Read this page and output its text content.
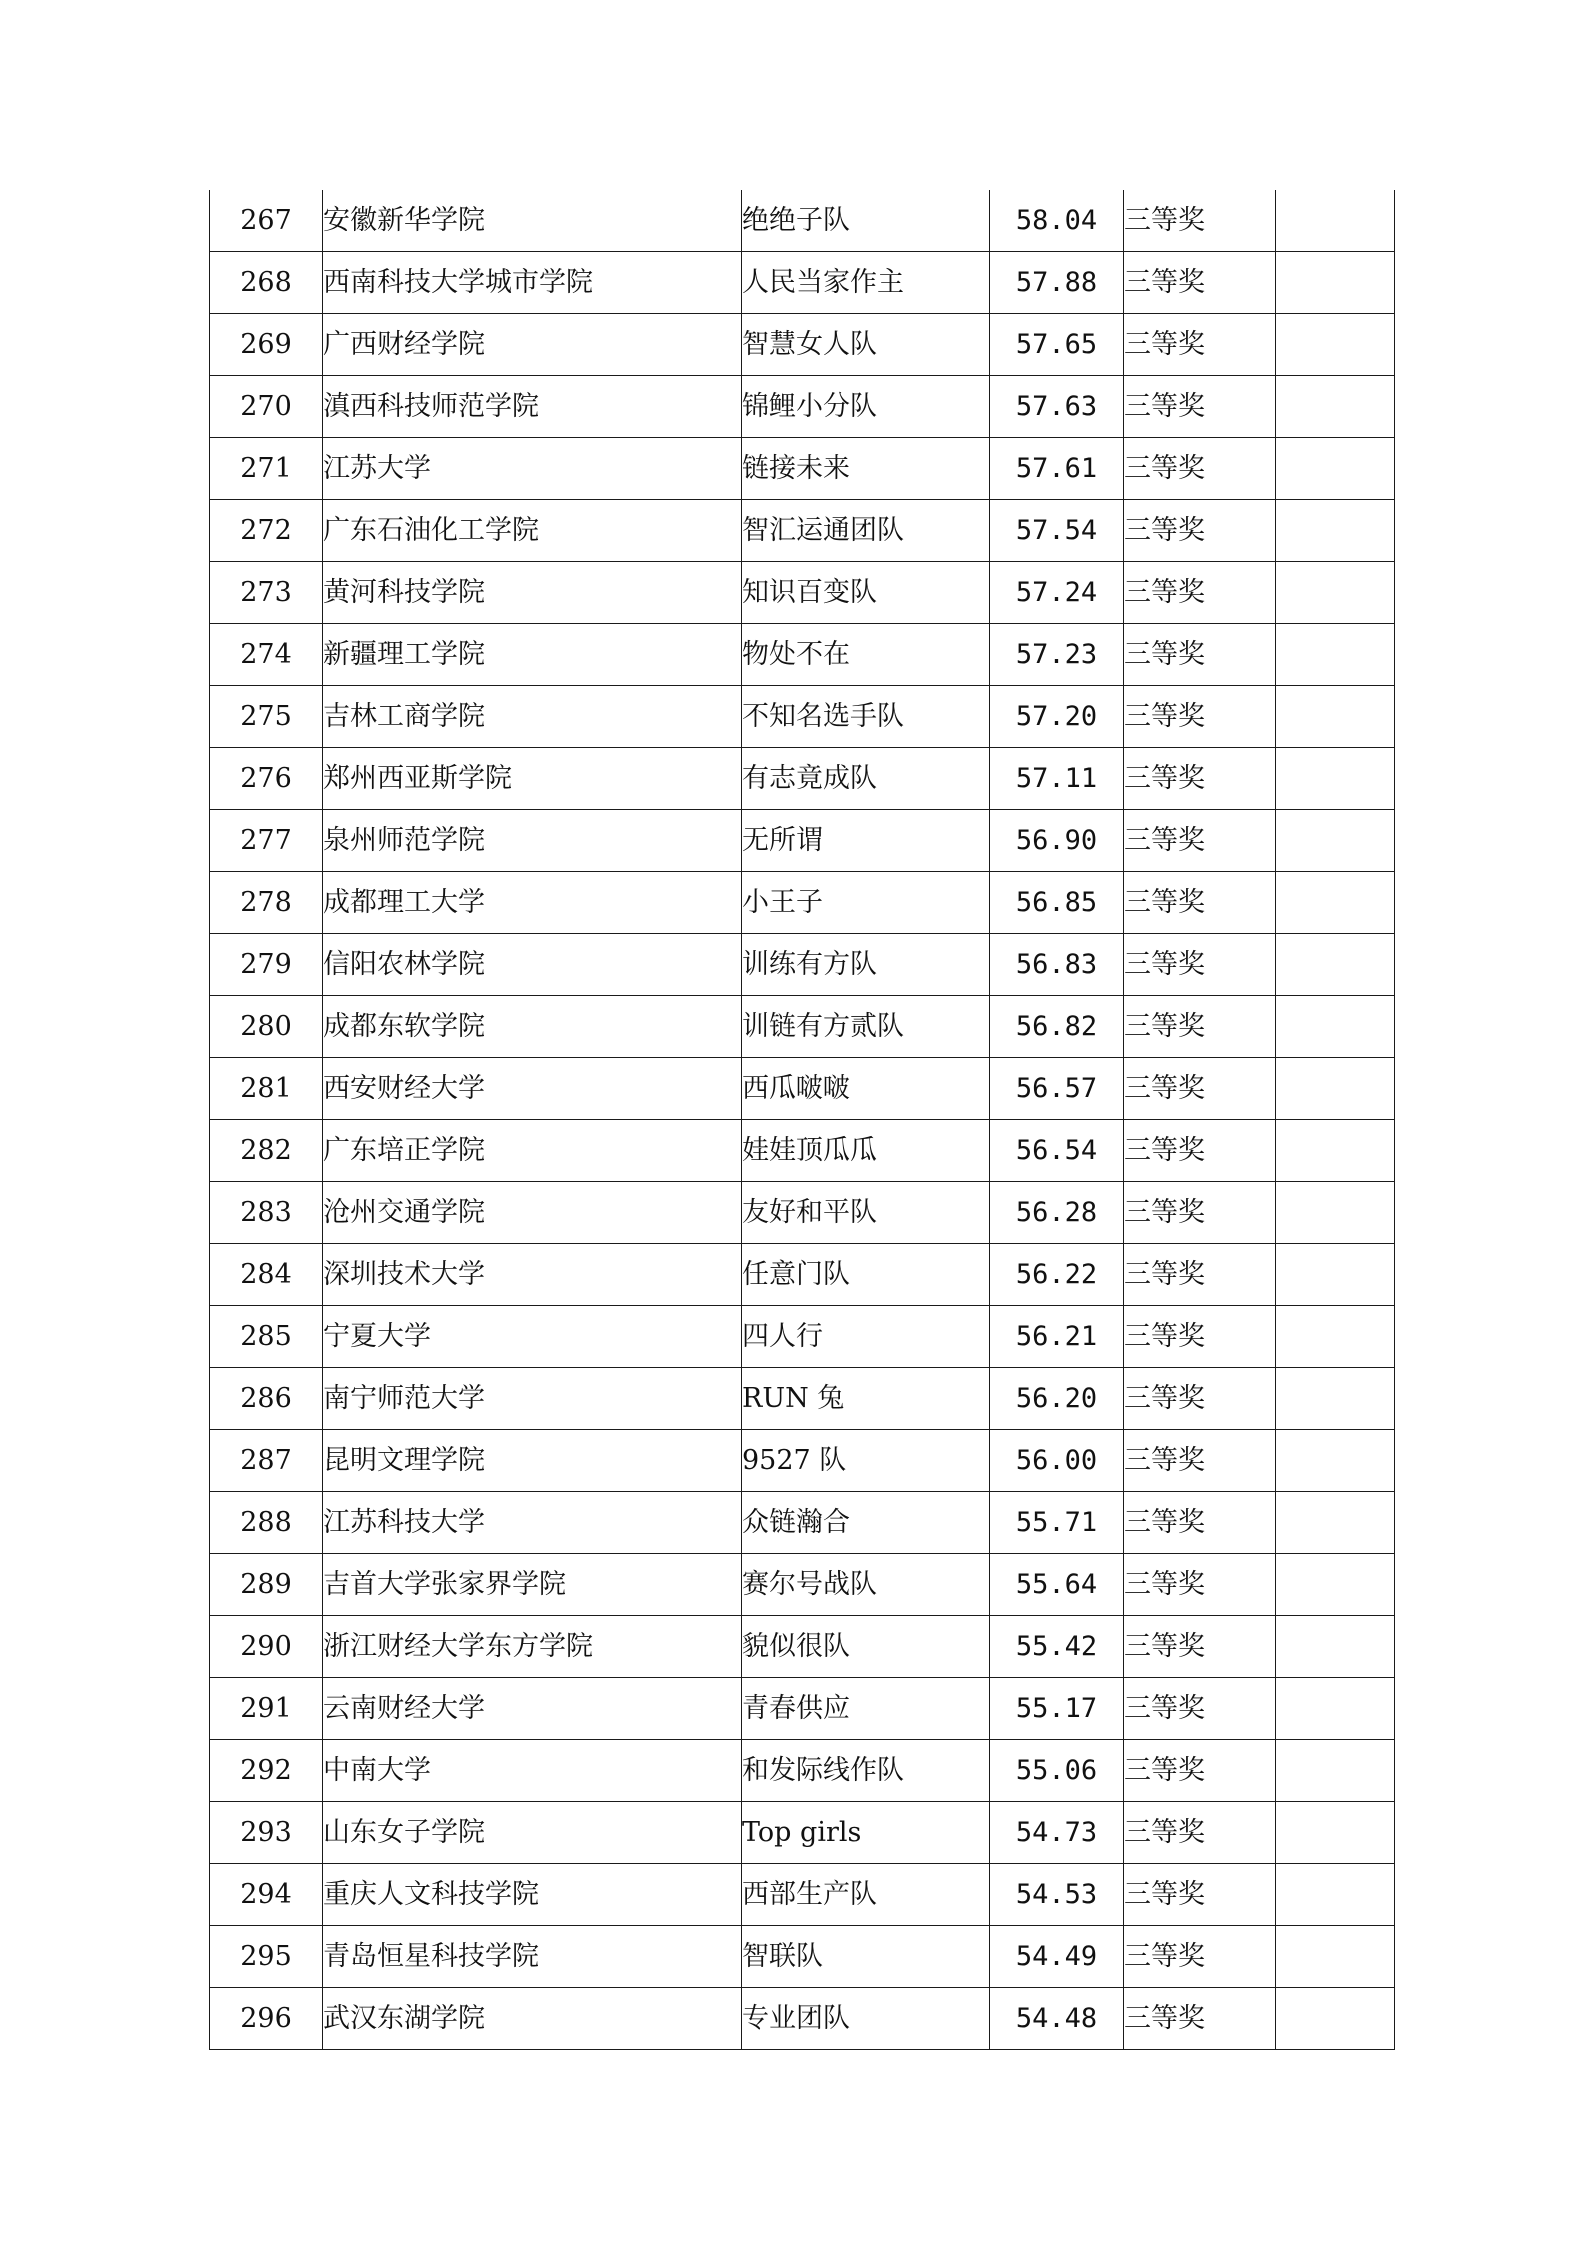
267	安徽新华学院	绝绝子队	58.04	三等奖	
268	西南科技大学城市学院	人民当家作主	57.88	三等奖	
269	广西财经学院	智慧女人队	57.65	三等奖	
270	滇西科技师范学院	锦鲤小分队	57.63	三等奖	
271	江苏大学	链接未来	57.61	三等奖	
272	广东石油化工学院	智汇运通团队	57.54	三等奖	
273	黄河科技学院	知识百变队	57.24	三等奖	
274	新疆理工学院	物处不在	57.23	三等奖	
275	吉林工商学院	不知名选手队	57.20	三等奖	
276	郑州西亚斯学院	有志竟成队	57.11	三等奖	
277	泉州师范学院	无所谓	56.90	三等奖	
278	成都理工大学	小王子	56.85	三等奖	
279	信阳农林学院	训练有方队	56.83	三等奖	
280	成都东软学院	训链有方贰队	56.82	三等奖	
281	西安财经大学	西瓜啵啵	56.57	三等奖	
282	广东培正学院	娃娃顶瓜瓜	56.54	三等奖	
283	沧州交通学院	友好和平队	56.28	三等奖	
284	深圳技术大学	任意门队	56.22	三等奖	
285	宁夏大学	四人行	56.21	三等奖	
286	南宁师范大学	RUN 兔	56.20	三等奖	
287	昆明文理学院	9527 队	56.00	三等奖	
288	江苏科技大学	众链瀚合	55.71	三等奖	
289	吉首大学张家界学院	赛尔号战队	55.64	三等奖	
290	浙江财经大学东方学院	貌似很队	55.42	三等奖	
291	云南财经大学	青春供应	55.17	三等奖	
292	中南大学	和发际线作队	55.06	三等奖	
293	山东女子学院	Top girls	54.73	三等奖	
294	重庆人文科技学院	西部生产队	54.53	三等奖	
295	青岛恒星科技学院	智联队	54.49	三等奖	
296	武汉东湖学院	专业团队	54.48	三等奖	
